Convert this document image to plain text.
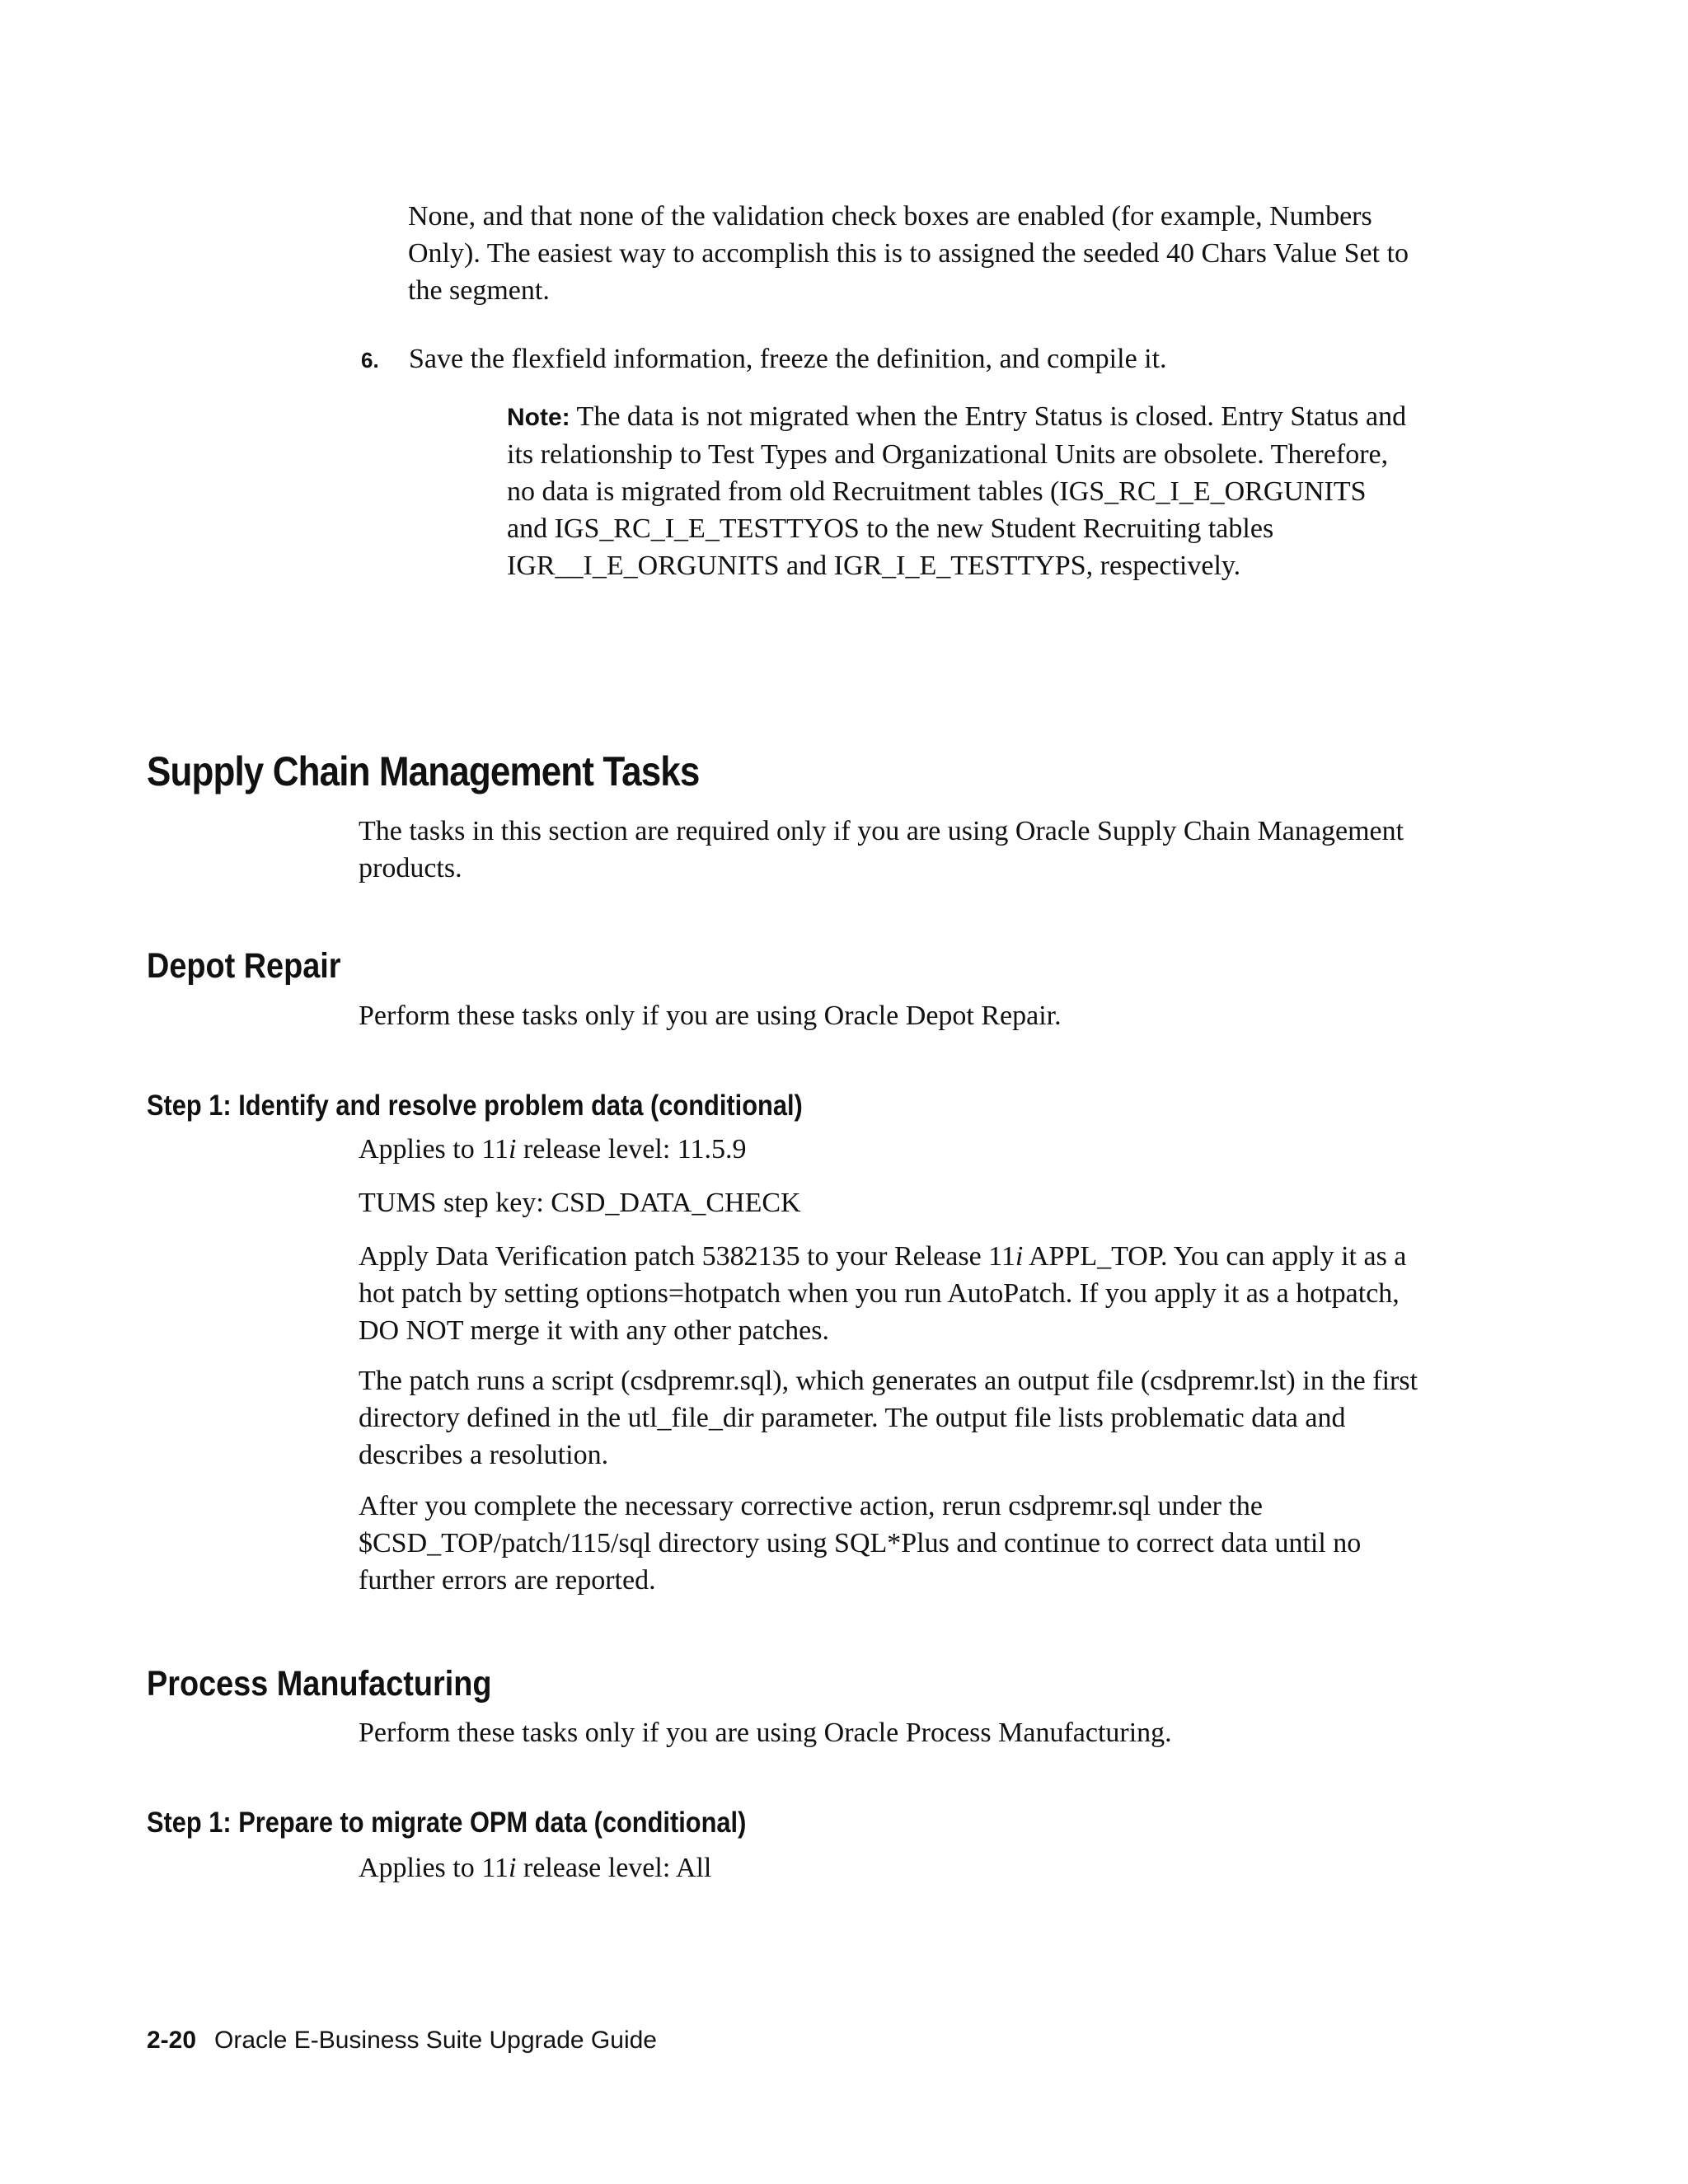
None, and that none of the validation check boxes are enabled (for example, Numbers Only). The easiest way to accomplish this is to assigned the seeded 40 Chars Value Set to the segment.

6.	Save the flexfield information, freeze the definition, and compile it.

Note: The data is not migrated when the Entry Status is closed. Entry Status and its relationship to Test Types and Organizational Units are obsolete. Therefore, no data is migrated from old Recruitment tables (IGS_RC_I_E_ORGUNITS and IGS_RC_I_E_TESTTYOS to the new Student Recruiting tables IGR__I_E_ORGUNITS and IGR_I_E_TESTTYPS, respectively.

Supply Chain Management Tasks

The tasks in this section are required only if you are using Oracle Supply Chain Management products.

Depot Repair

Perform these tasks only if you are using Oracle Depot Repair.

Step 1: Identify and resolve problem data (conditional)

Applies to 11i release level: 11.5.9

TUMS step key: CSD_DATA_CHECK

Apply Data Verification patch 5382135 to your Release 11i APPL_TOP. You can apply it as a hot patch by setting options=hotpatch when you run AutoPatch. If you apply it as a hotpatch, DO NOT merge it with any other patches.

The patch runs a script (csdpremr.sql), which generates an output file (csdpremr.lst) in the first directory defined in the utl_file_dir parameter. The output file lists problematic data and describes a resolution.

After you complete the necessary corrective action, rerun csdpremr.sql under the $CSD_TOP/patch/115/sql directory using SQL*Plus and continue to correct data until no further errors are reported.

Process Manufacturing

Perform these tasks only if you are using Oracle Process Manufacturing.

Step 1: Prepare to migrate OPM data (conditional)

Applies to 11i release level: All

2-20 Oracle E-Business Suite Upgrade Guide
